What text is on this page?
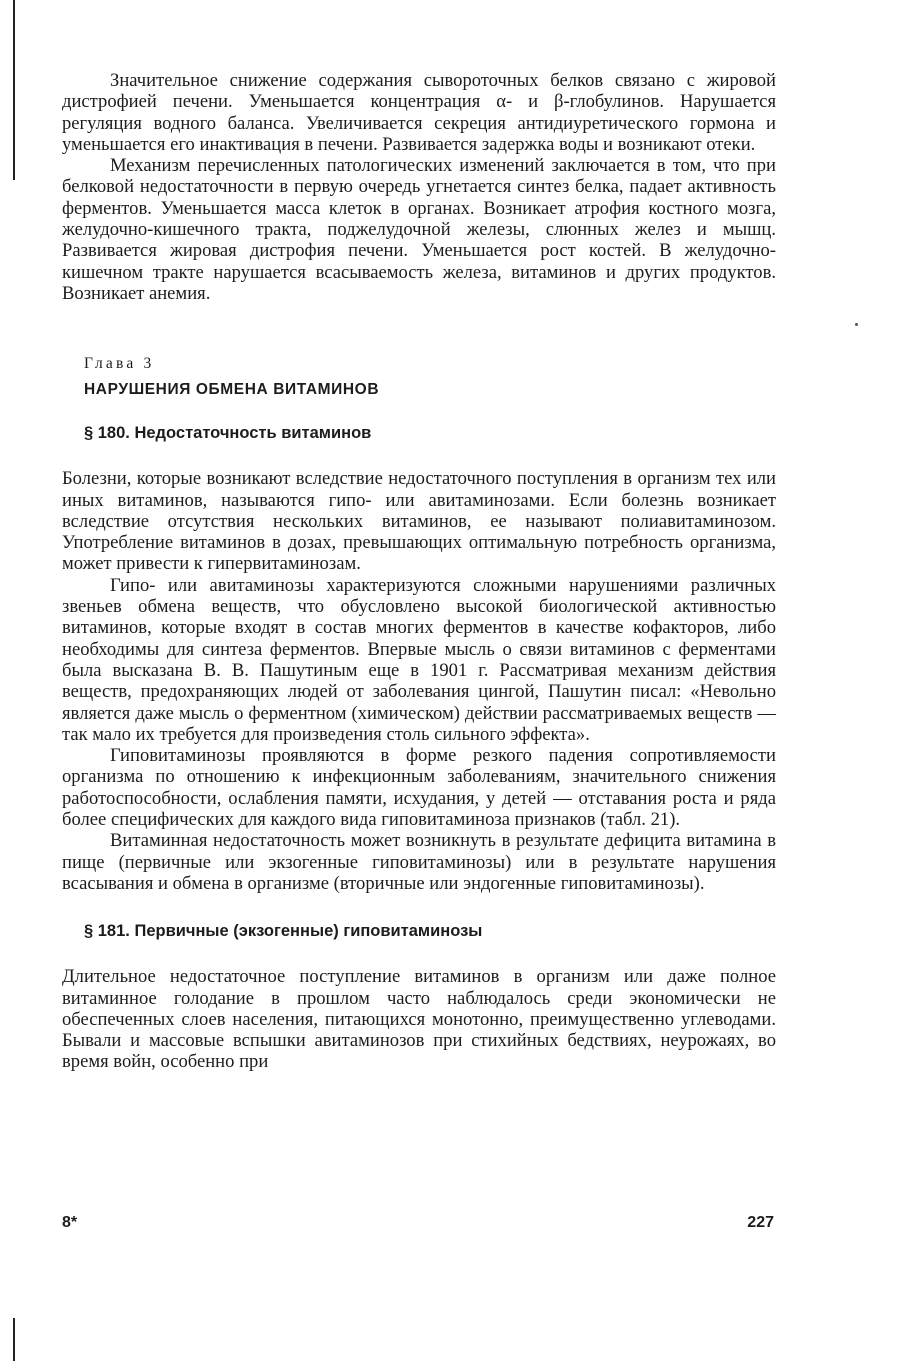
Значительное снижение содержания сывороточных белков связано с жировой дистрофией печени. Уменьшается концентрация α- и β-глобулинов. Нарушается регуляция водного баланса. Увеличивается секреция антидиуретического гормона и уменьшается его инактивация в печени. Развивается задержка воды и возникают отеки.

Механизм перечисленных патологических изменений заключается в том, что при белковой недостаточности в первую очередь угнетается синтез белка, падает активность ферментов. Уменьшается масса клеток в органах. Возникает атрофия костного мозга, желудочно-кишечного тракта, поджелудочной железы, слюнных желез и мышц. Развивается жировая дистрофия печени. Уменьшается рост костей. В желудочно-кишечном тракте нарушается всасываемость железа, витаминов и других продуктов. Возникает анемия.

Глава 3
НАРУШЕНИЯ ОБМЕНА ВИТАМИНОВ
§ 180. Недостаточность витаминов

Болезни, которые возникают вследствие недостаточного поступления в организм тех или иных витаминов, называются гипо- или авитаминозами. Если болезнь возникает вследствие отсутствия нескольких витаминов, ее называют полиавитаминозом. Употребление витаминов в дозах, превышающих оптимальную потребность организма, может привести к гипервитаминозам.

Гипо- или авитаминозы характеризуются сложными нарушениями различных звеньев обмена веществ, что обусловлено высокой биологической активностью витаминов, которые входят в состав многих ферментов в качестве кофакторов, либо необходимы для синтеза ферментов. Впервые мысль о связи витаминов с ферментами была высказана В. В. Пашутиным еще в 1901 г. Рассматривая механизм действия веществ, предохраняющих людей от заболевания цингой, Пашутин писал: «Невольно является даже мысль о ферментном (химическом) действии рассматриваемых веществ — так мало их требуется для произведения столь сильного эффекта».

Гиповитаминозы проявляются в форме резкого падения сопротивляемости организма по отношению к инфекционным заболеваниям, значительного снижения работоспособности, ослабления памяти, исхудания, у детей — отставания роста и ряда более специфических для каждого вида гиповитаминоза признаков (табл. 21).

Витаминная недостаточность может возникнуть в результате дефицита витамина в пище (первичные или экзогенные гиповитаминозы) или в результате нарушения всасывания и обмена в организме (вторичные или эндогенные гиповитаминозы).

§ 181. Первичные (экзогенные) гиповитаминозы

Длительное недостаточное поступление витаминов в организм или даже полное витаминное голодание в прошлом часто наблюдалось среди экономически не обеспеченных слоев населения, питающихся монотонно, преимущественно углеводами. Бывали и массовые вспышки авитаминозов при стихийных бедствиях, неурожаях, во время войн, особенно при

8*	227
